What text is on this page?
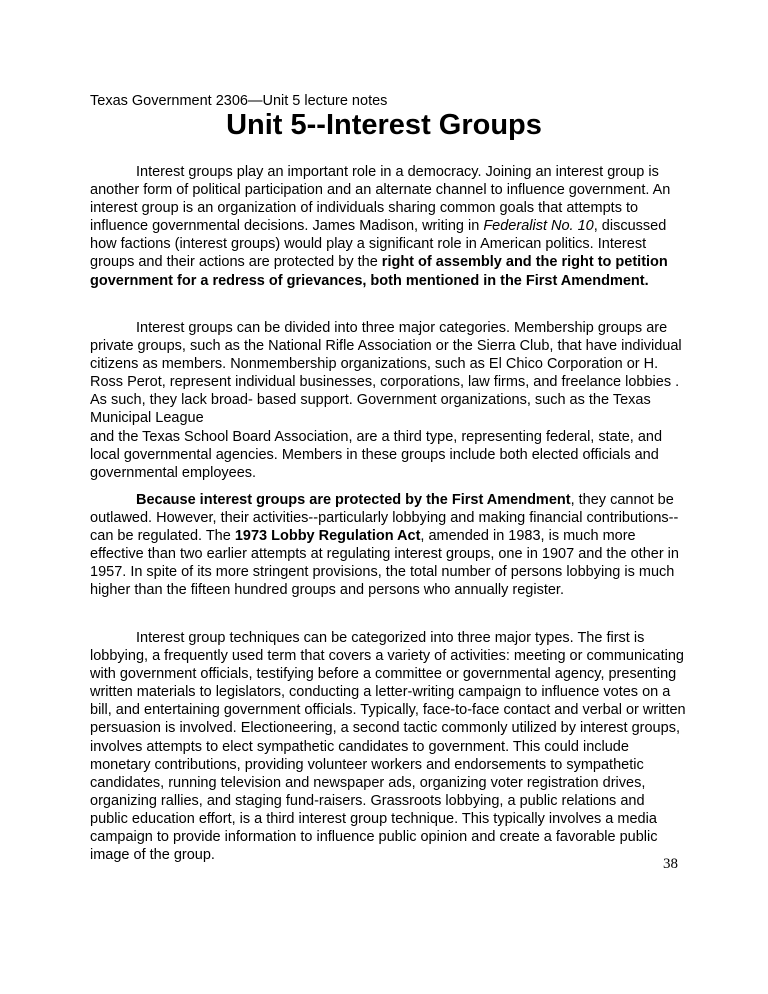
Texas Government 2306—Unit 5 lecture notes
Unit 5--Interest Groups

Interest groups play an important role in a democracy. Joining an interest group is another form of political participation and an alternate channel to influence government. An interest group is an organization of individuals sharing common goals that attempts to influence governmental decisions. James Madison, writing in Federalist No. 10, discussed how factions (interest groups) would play a significant role in American politics. Interest groups and their actions are protected by the right of assembly and the right to petition government for a redress of grievances, both mentioned in the First Amendment.

Interest groups can be divided into three major categories. Membership groups are private groups, such as the National Rifle Association or the Sierra Club, that have individual citizens as members. Nonmembership organizations, such as El Chico Corporation or H. Ross Perot, represent individual businesses, corporations, law firms, and freelance lobbies . As such, they lack broad- based support. Government organizations, such as the Texas Municipal League

and the Texas School Board Association, are a third type, representing federal, state, and local governmental agencies. Members in these groups include both elected officials and governmental employees.

Because interest groups are protected by the First Amendment, they cannot be outlawed. However, their activities--particularly lobbying and making financial contributions--can be regulated. The 1973 Lobby Regulation Act, amended in 1983, is much more effective than two earlier attempts at regulating interest groups, one in 1907 and the other in 1957. In spite of its more stringent provisions, the total number of persons lobbying is much higher than the fifteen hundred groups and persons who annually register.

Interest group techniques can be categorized into three major types. The first is lobbying, a frequently used term that covers a variety of activities: meeting or communicating with government officials, testifying before a committee or governmental agency, presenting written materials to legislators, conducting a letter-writing campaign to influence votes on a bill, and entertaining government officials. Typically, face-to-face contact and verbal or written persuasion is involved. Electioneering, a second tactic commonly utilized by interest groups, involves attempts to elect sympathetic candidates to government. This could include monetary contributions, providing volunteer workers and endorsements to sympathetic candidates, running television and newspaper ads, organizing voter registration drives, organizing rallies, and staging fund-raisers. Grassroots lobbying, a public relations and public education effort, is a third interest group technique. This typically involves a media campaign to provide information to influence public opinion and create a favorable public image of the group.

38
